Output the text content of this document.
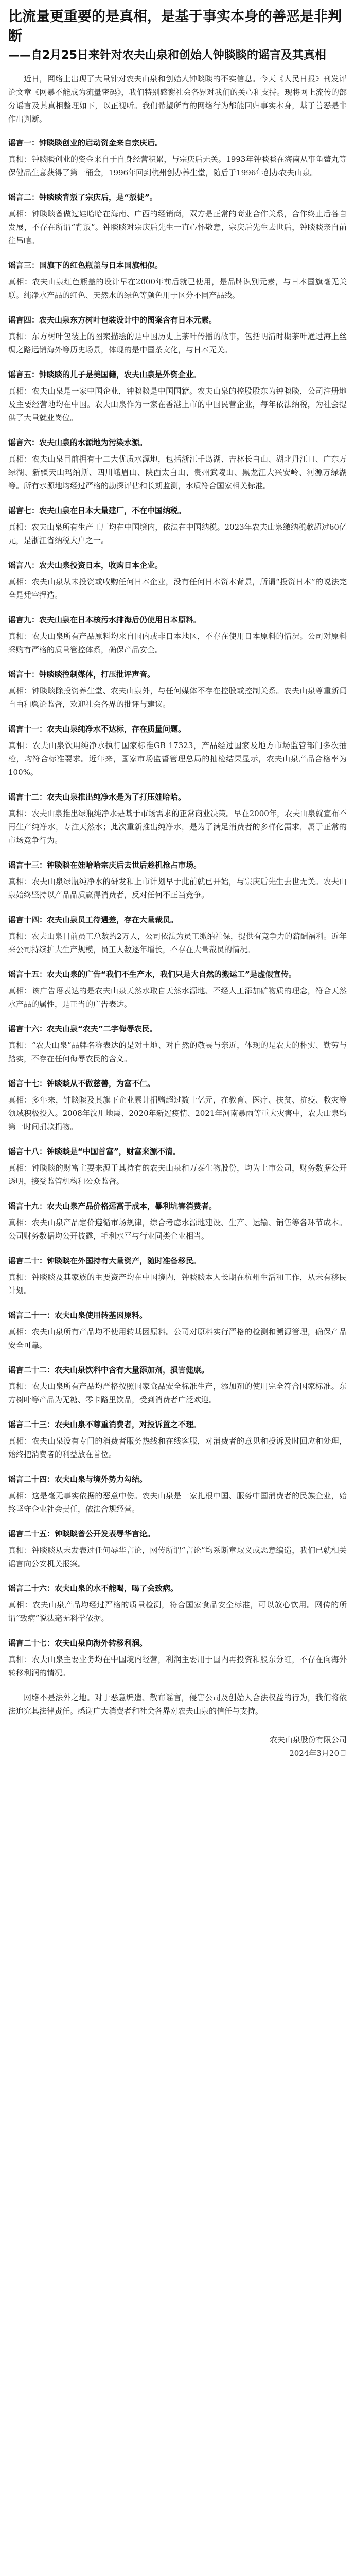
比流量更重要的是真相，是基于事实本身的善恶是非判断
——自2月25日来针对农夫山泉和创始人钟睒睒的谣言及其真相

近日，网络上出现了大量针对农夫山泉和创始人钟睒睒的不实信息。今天《人民日报》刊发评论文章《网暴不能成为流量密码》，我们特别感谢社会各界对我们的关心和支持。现将网上流传的部分谣言及其真相整理如下，以正视听。我们希望所有的网络行为都能回归事实本身，基于善恶是非作出判断。

谣言一：钟睒睒创业的启动资金来自宗庆后。

真相：钟睒睒创业的资金来自于自身经营积累，与宗庆后无关。1993年钟睒睒在海南从事龟鳖丸等保健品生意获得了第一桶金，1996年回到杭州创办养生堂，随后于1996年创办农夫山泉。

谣言二：钟睒睒背叛了宗庆后，是“叛徒”。

真相：钟睒睒曾做过娃哈哈在海南、广西的经销商，双方是正常的商业合作关系，合作终止后各自发展，不存在所谓“背叛”。钟睒睒对宗庆后先生一直心怀敬意，宗庆后先生去世后，钟睒睒亲自前往吊唁。

谣言三：国旗下的红色瓶盖与日本国旗相似。

真相：农夫山泉红色瓶盖的设计早在2000年前后就已使用，是品牌识别元素，与日本国旗毫无关联。纯净水产品的红色、天然水的绿色等颜色用于区分不同产品线。

谣言四：农夫山泉东方树叶包装设计中的图案含有日本元素。

真相：东方树叶包装上的图案描绘的是中国历史上茶叶传播的故事，包括明清时期茶叶通过海上丝绸之路远销海外等历史场景，体现的是中国茶文化，与日本无关。

谣言五：钟睒睒的儿子是美国籍，农夫山泉是外资企业。

真相：农夫山泉是一家中国企业，钟睒睒是中国国籍。农夫山泉的控股股东为钟睒睒，公司注册地及主要经营地均在中国。农夫山泉作为一家在香港上市的中国民营企业，每年依法纳税，为社会提供了大量就业岗位。

谣言六：农夫山泉的水源地为污染水源。

真相：农夫山泉目前拥有十二大优质水源地，包括浙江千岛湖、吉林长白山、湖北丹江口、广东万绿湖、新疆天山玛纳斯、四川峨眉山、陕西太白山、贵州武陵山、黑龙江大兴安岭、河源万绿湖等。所有水源地均经过严格的勘探评估和长期监测，水质符合国家相关标准。

谣言七：农夫山泉在日本大量建厂，不在中国纳税。

真相：农夫山泉所有生产工厂均在中国境内，依法在中国纳税。2023年农夫山泉缴纳税款超过60亿元，是浙江省纳税大户之一。

谣言八：农夫山泉投资日本，收购日本企业。

真相：农夫山泉从未投资或收购任何日本企业，没有任何日本资本背景，所谓“投资日本”的说法完全是凭空捏造。

谣言九：农夫山泉在日本核污水排海后仍使用日本原料。

真相：农夫山泉所有产品原料均来自国内或非日本地区，不存在使用日本原料的情况。公司对原料采购有严格的质量管控体系，确保产品安全。

谣言十：钟睒睒控制媒体，打压批评声音。

真相：钟睒睒除投资养生堂、农夫山泉外，与任何媒体不存在控股或控制关系。农夫山泉尊重新闻自由和舆论监督，欢迎社会各界的批评与建议。

谣言十一：农夫山泉纯净水不达标，存在质量问题。

真相：农夫山泉饮用纯净水执行国家标准GB 17323，产品经过国家及地方市场监管部门多次抽检，均符合标准要求。近年来，国家市场监督管理总局的抽检结果显示，农夫山泉产品合格率为100%。

谣言十二：农夫山泉推出纯净水是为了打压娃哈哈。

真相：农夫山泉推出绿瓶纯净水是基于市场需求的正常商业决策。早在2000年，农夫山泉就宣布不再生产纯净水，专注天然水；此次重新推出纯净水，是为了满足消费者的多样化需求，属于正常的市场竞争行为。

谣言十三：钟睒睒在娃哈哈宗庆后去世后趁机抢占市场。

真相：农夫山泉绿瓶纯净水的研发和上市计划早于此前就已开始，与宗庆后先生去世无关。农夫山泉始终坚持以产品品质赢得消费者，反对任何不正当竞争。

谣言十四：农夫山泉员工待遇差，存在大量裁员。

真相：农夫山泉目前员工总数约2万人，公司依法为员工缴纳社保，提供有竞争力的薪酬福利。近年来公司持续扩大生产规模，员工人数逐年增长，不存在大量裁员的情况。

谣言十五：农夫山泉的广告“我们不生产水，我们只是大自然的搬运工”是虚假宣传。

真相：该广告语表达的是农夫山泉天然水取自天然水源地、不经人工添加矿物质的理念，符合天然水产品的属性，是正当的广告表达。

谣言十六：农夫山泉“农夫”二字侮辱农民。

真相：“农夫山泉”品牌名称表达的是对土地、对自然的敬畏与亲近，体现的是农夫的朴实、勤劳与踏实，不存在任何侮辱农民的含义。

谣言十七：钟睒睒从不做慈善，为富不仁。

真相：多年来，钟睒睒及其旗下企业累计捐赠超过数十亿元，在教育、医疗、扶贫、抗疫、救灾等领域积极投入。2008年汶川地震、2020年新冠疫情、2021年河南暴雨等重大灾害中，农夫山泉均第一时间捐款捐物。

谣言十八：钟睒睒是“中国首富”，财富来源不清。

真相：钟睒睒的财富主要来源于其持有的农夫山泉和万泰生物股份，均为上市公司，财务数据公开透明，接受监管机构和公众监督。

谣言十九：农夫山泉产品价格远高于成本，暴利坑害消费者。

真相：农夫山泉产品定价遵循市场规律，综合考虑水源地建设、生产、运输、销售等各环节成本。公司财务数据均公开披露，毛利水平与行业同类企业相当。

谣言二十：钟睒睒在外国持有大量资产，随时准备移民。

真相：钟睒睒及其家族的主要资产均在中国境内，钟睒睒本人长期在杭州生活和工作，从未有移民计划。

谣言二十一：农夫山泉使用转基因原料。

真相：农夫山泉所有产品均不使用转基因原料。公司对原料实行严格的检测和溯源管理，确保产品安全可靠。

谣言二十二：农夫山泉饮料中含有大量添加剂，损害健康。

真相：农夫山泉所有产品均严格按照国家食品安全标准生产，添加剂的使用完全符合国家标准。东方树叶等产品为无糖、零卡路里饮品，受到消费者广泛欢迎。

谣言二十三：农夫山泉不尊重消费者，对投诉置之不理。

真相：农夫山泉设有专门的消费者服务热线和在线客服，对消费者的意见和投诉及时回应和处理，始终把消费者的利益放在首位。

谣言二十四：农夫山泉与境外势力勾结。

真相：这是毫无事实依据的恶意中伤。农夫山泉是一家扎根中国、服务中国消费者的民族企业，始终坚守企业社会责任，依法合规经营。

谣言二十五：钟睒睒曾公开发表辱华言论。

真相：钟睒睒从未发表过任何辱华言论，网传所谓“言论”均系断章取义或恶意编造，我们已就相关谣言向公安机关报案。

谣言二十六：农夫山泉的水不能喝，喝了会致病。

真相：农夫山泉产品均经过严格的质量检测，符合国家食品安全标准，可以放心饮用。网传的所谓“致病”说法毫无科学依据。

谣言二十七：农夫山泉向海外转移利润。

真相：农夫山泉主要业务均在中国境内经营，利润主要用于国内再投资和股东分红，不存在向海外转移利润的情况。

网络不是法外之地。对于恶意编造、散布谣言，侵害公司及创始人合法权益的行为，我们将依法追究其法律责任。感谢广大消费者和社会各界对农夫山泉的信任与支持。

农夫山泉股份有限公司
2024年3月20日
